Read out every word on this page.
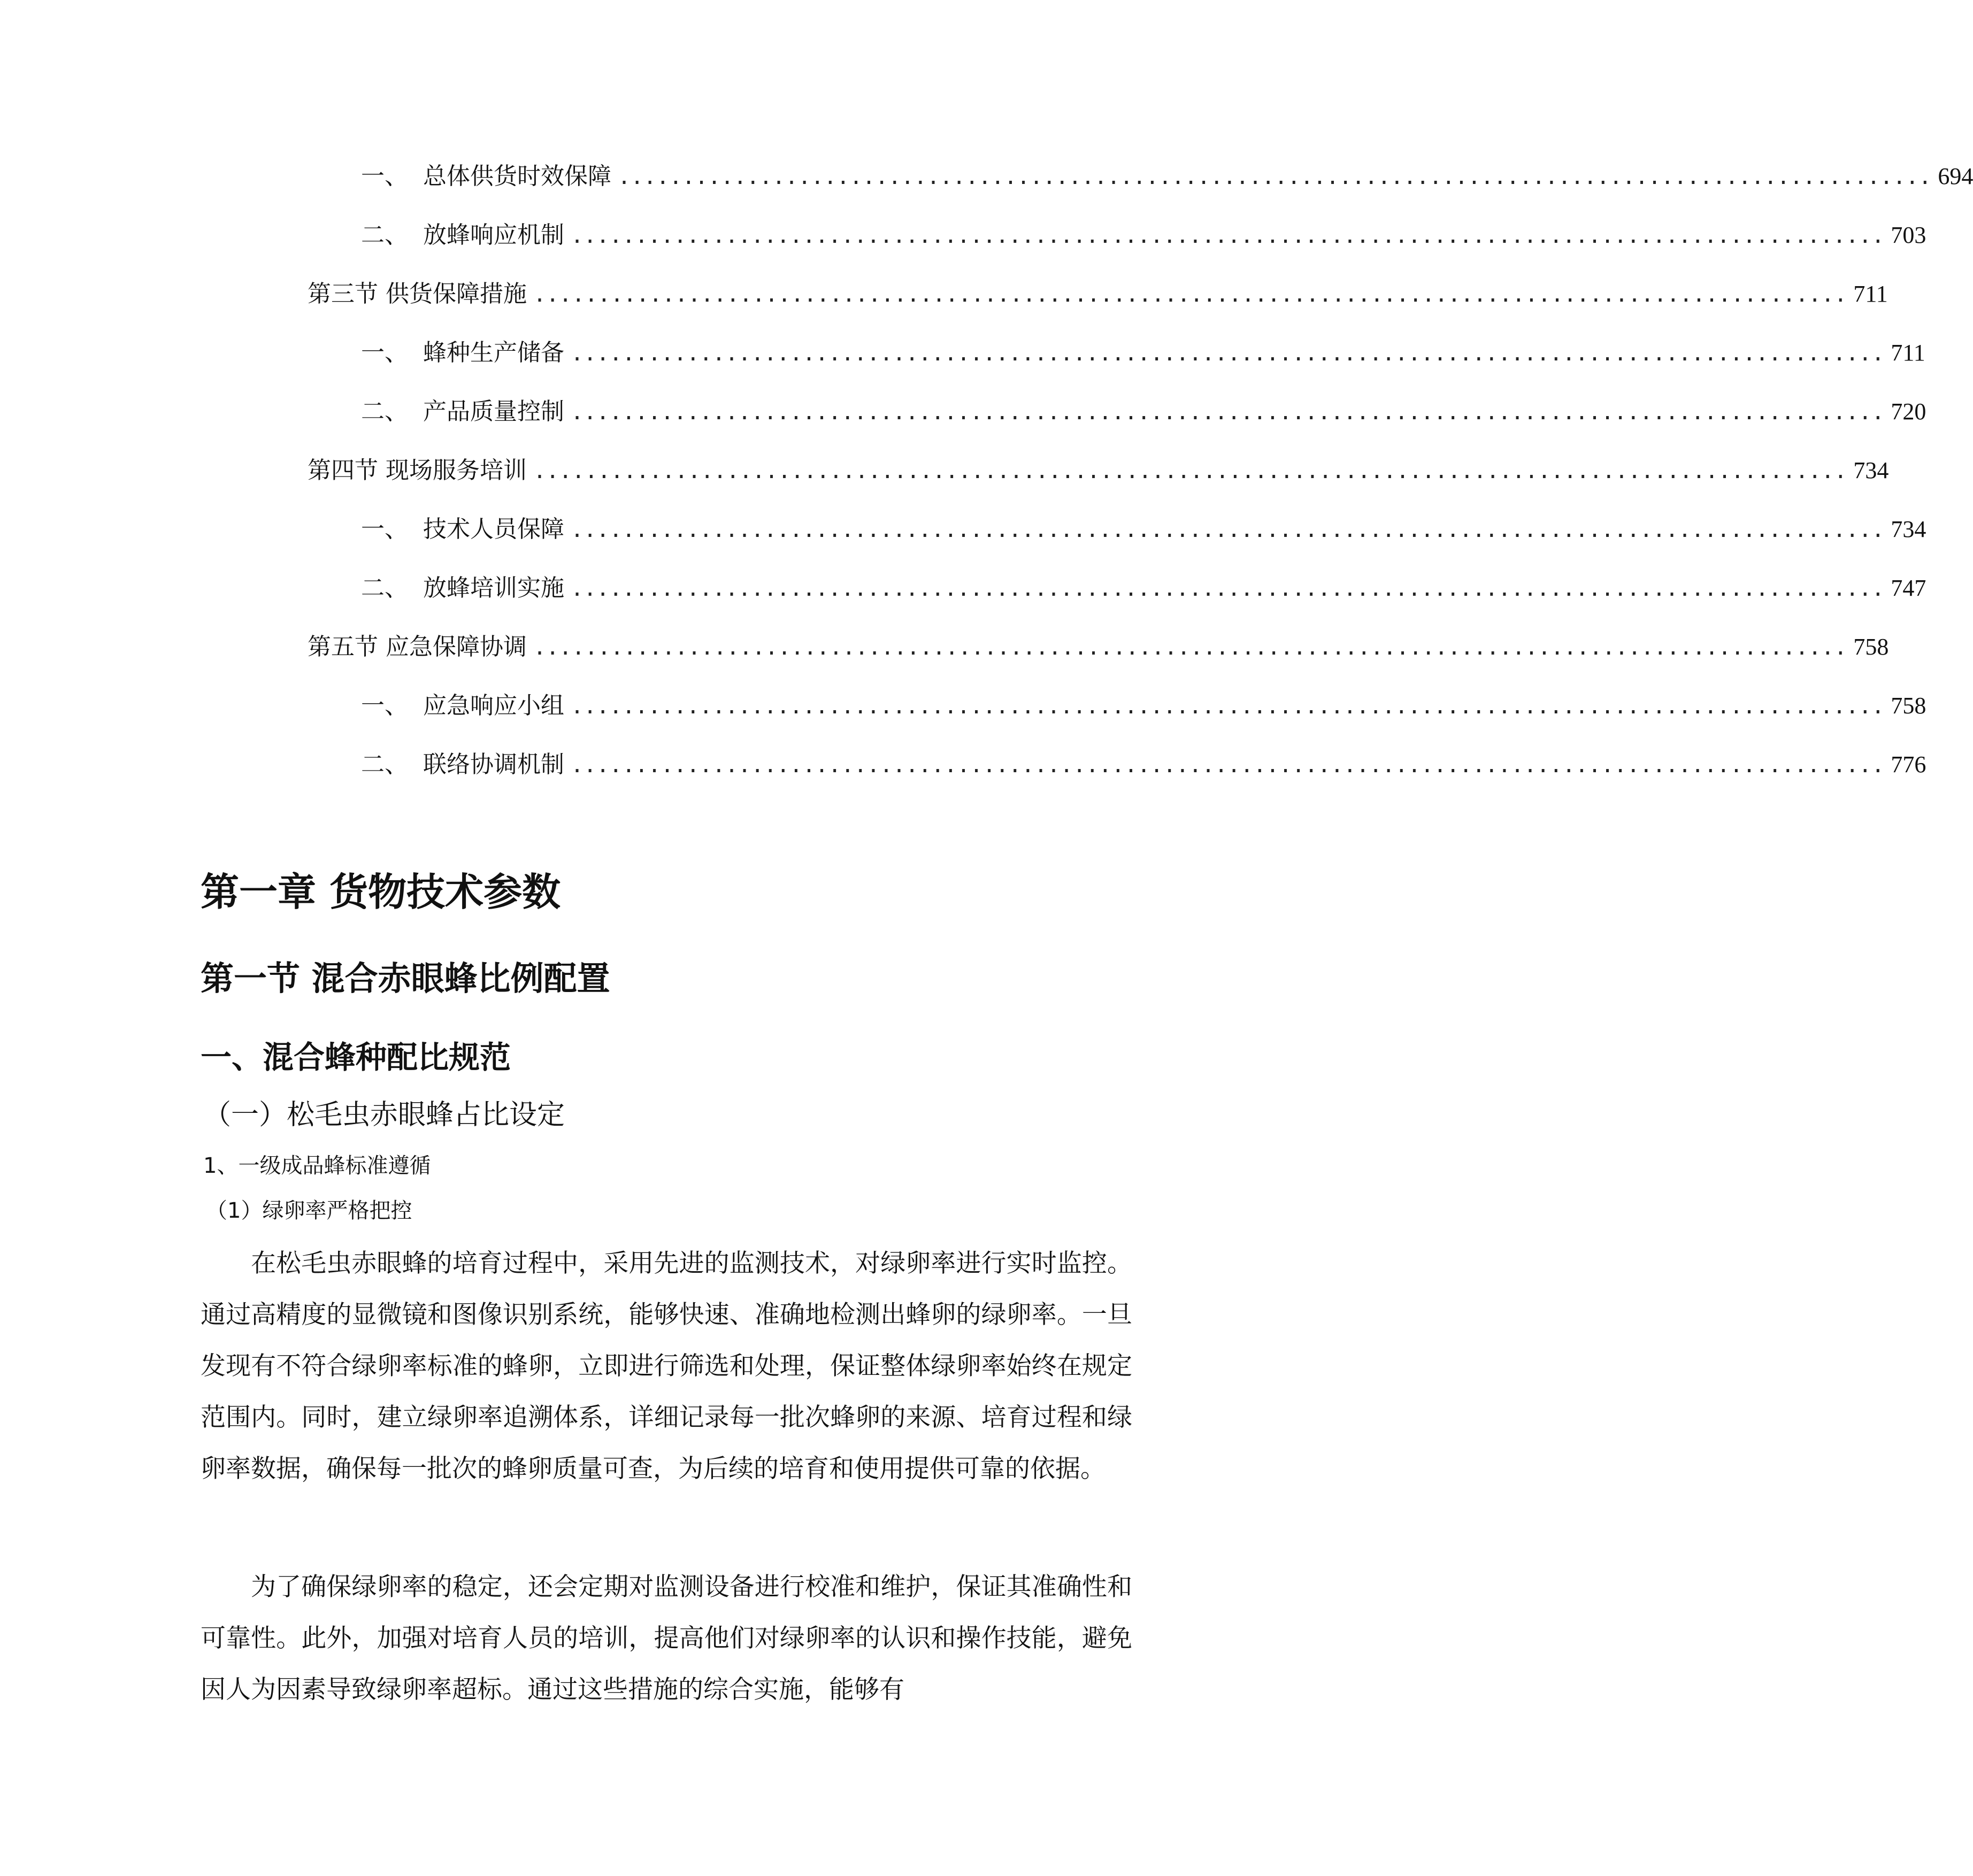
一、  总体供货时效保障 ...................................................................................................... 694
二、  放蜂响应机制 ...................................................................................................... 703
第三节 供货保障措施 ...................................................................................................... 711
一、  蜂种生产储备 ...................................................................................................... 711
二、  产品质量控制 ...................................................................................................... 720
第四节 现场服务培训 ...................................................................................................... 734
一、  技术人员保障 ...................................................................................................... 734
二、  放蜂培训实施 ...................................................................................................... 747
第五节 应急保障协调 ...................................................................................................... 758
一、  应急响应小组 ...................................................................................................... 758
二、  联络协调机制 ...................................................................................................... 776
第一章 货物技术参数
第一节 混合赤眼蜂比例配置
一、混合蜂种配比规范
（一）松毛虫赤眼蜂占比设定
1、一级成品蜂标准遵循
（1）绿卵率严格把控

在松毛虫赤眼蜂的培育过程中，采用先进的监测技术，对绿卵率进行实时监控。通过高精度的显微镜和图像识别系统，能够快速、准确地检测出蜂卵的绿卵率。一旦发现有不符合绿卵率标准的蜂卵，立即进行筛选和处理，保证整体绿卵率始终在规定范围内。同时，建立绿卵率追溯体系，详细记录每一批次蜂卵的来源、培育过程和绿卵率数据，确保每一批次的蜂卵质量可查，为后续的培育和使用提供可靠的依据。

为了确保绿卵率的稳定，还会定期对监测设备进行校准和维护，保证其准确性和可靠性。此外，加强对培育人员的培训，提高他们对绿卵率的认识和操作技能，避免因人为因素导致绿卵率超标。通过这些措施的综合实施，能够有
